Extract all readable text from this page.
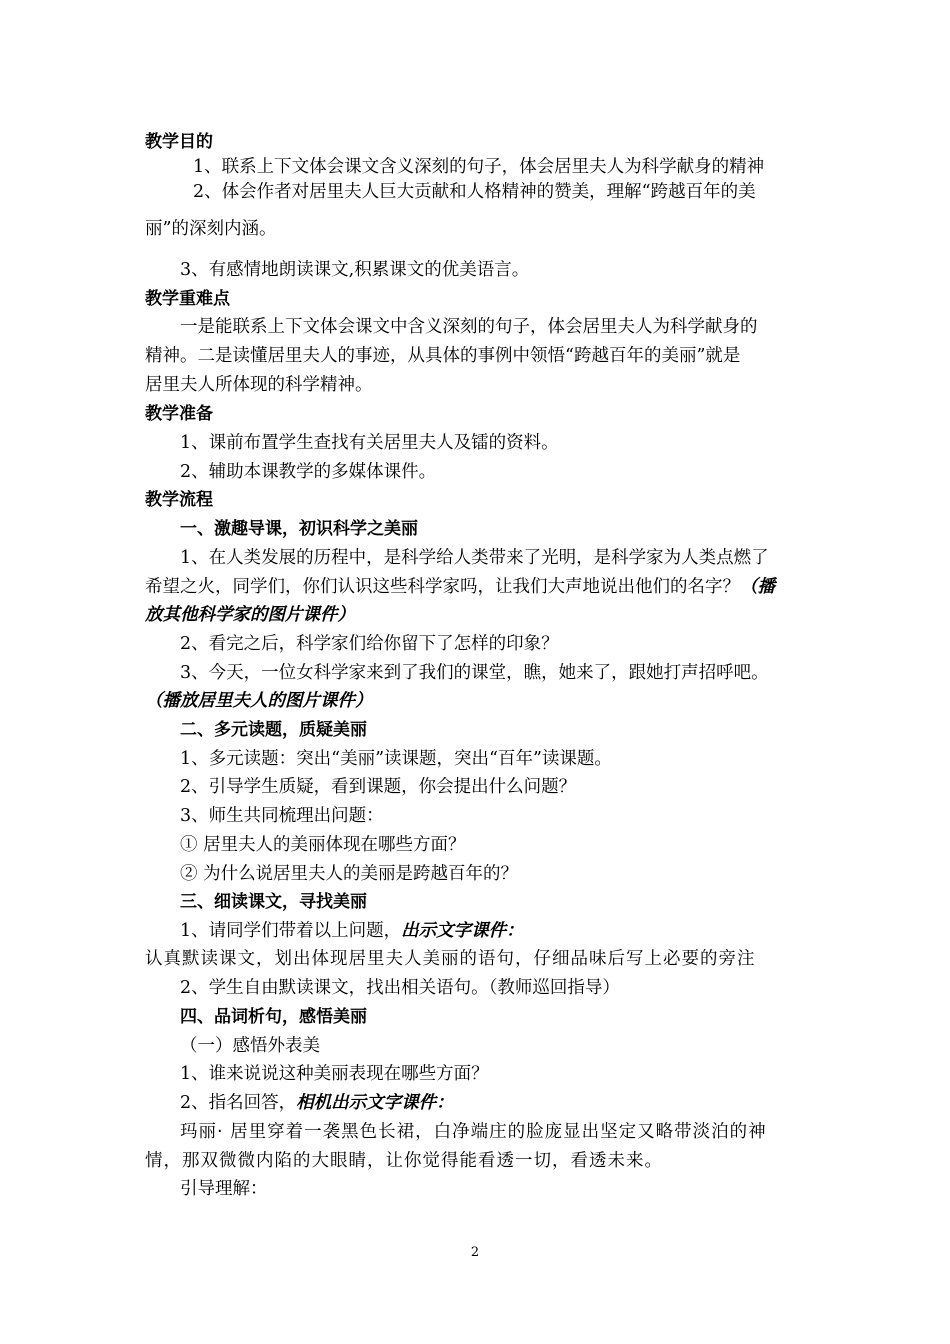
教学目的
1、联系上下文体会课文含义深刻的句子，体会居里夫人为科学献身的精神
2、体会作者对居里夫人巨大贡献和人格精神的赞美，理解“跨越百年的美
丽”的深刻内涵。
3、有感情地朗读课文,积累课文的优美语言。
教学重难点
一是能联系上下文体会课文中含义深刻的句子，体会居里夫人为科学献身的
精神。二是读懂居里夫人的事迹，从具体的事例中领悟“跨越百年的美丽”就是
居里夫人所体现的科学精神。
教学准备
1、课前布置学生查找有关居里夫人及镭的资料。
2、辅助本课教学的多媒体课件。
教学流程
一、激趣导课，初识科学之美丽
1、在人类发展的历程中，是科学给人类带来了光明，是科学家为人类点燃了
希望之火，同学们，你们认识这些科学家吗，让我们大声地说出他们的名字？（播
放其他科学家的图片课件）
2、看完之后，科学家们给你留下了怎样的印象？
3、今天，一位女科学家来到了我们的课堂，瞧，她来了，跟她打声招呼吧。
（播放居里夫人的图片课件）
二、多元读题，质疑美丽
1、多元读题：突出“美丽”读课题，突出“百年”读课题。
2、引导学生质疑，看到课题，你会提出什么问题？
3、师生共同梳理出问题：
① 居里夫人的美丽体现在哪些方面？
② 为什么说居里夫人的美丽是跨越百年的？
三、细读课文，寻找美丽
1、请同学们带着以上问题，出示文字课件：
认真默读课文，划出体现居里夫人美丽的语句，仔细品味后写上必要的旁注
2、学生自由默读课文，找出相关语句。（教师巡回指导）
四、品词析句，感悟美丽
（一）感悟外表美
1、谁来说说这种美丽表现在哪些方面？
2、指名回答，相机出示文字课件：
玛丽· 居里穿着一袭黑色长裙，白净端庄的脸庞显出坚定又略带淡泊的神
情，那双微微内陷的大眼睛，让你觉得能看透一切，看透未来。
引导理解：
2
